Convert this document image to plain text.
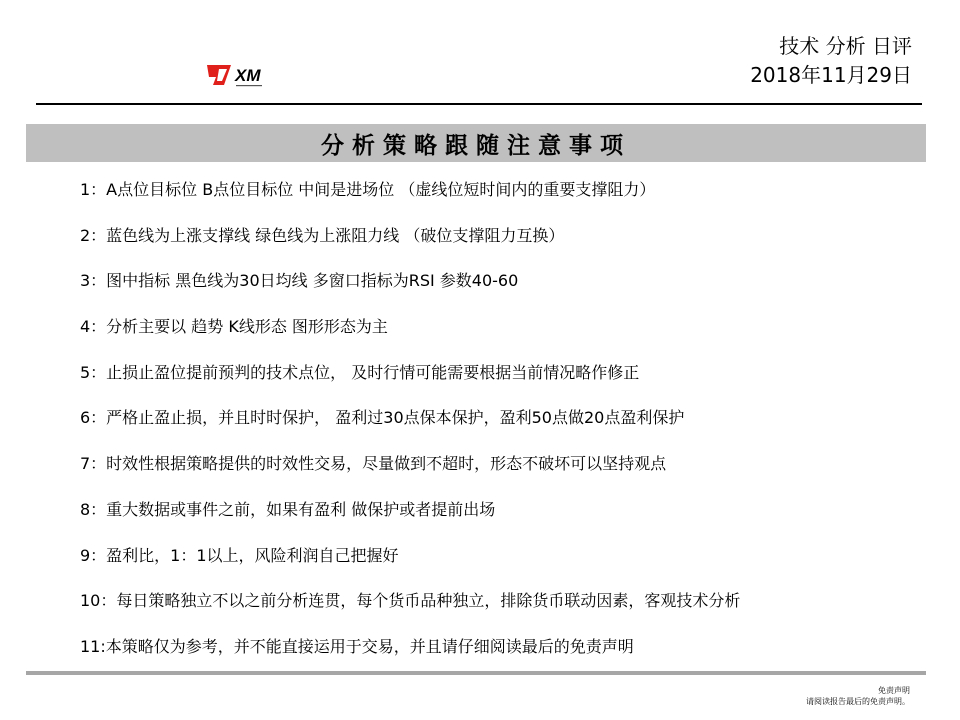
XM
技术 分析 日评
2018年11月29日
分析策略跟随注意事项
1：A点位目标位 B点位目标位 中间是进场位 （虚线位短时间内的重要支撑阻力）
2：蓝色线为上涨支撑线 绿色线为上涨阻力线 （破位支撑阻力互换）
3：图中指标 黑色线为30日均线 多窗口指标为RSI 参数40-60
4：分析主要以 趋势 K线形态 图形形态为主
5：止损止盈位提前预判的技术点位， 及时行情可能需要根据当前情况略作修正
6：严格止盈止损，并且时时保护， 盈利过30点保本保护，盈利50点做20点盈利保护
7：时效性根据策略提供的时效性交易，尽量做到不超时，形态不破坏可以坚持观点
8：重大数据或事件之前，如果有盈利 做保护或者提前出场
9：盈利比，1：1以上，风险利润自己把握好
10：每日策略独立不以之前分析连贯，每个货币品种独立，排除货币联动因素，客观技术分析
11:本策略仅为参考，并不能直接运用于交易，并且请仔细阅读最后的免责声明
免责声明
请阅读报告最后的免责声明。
